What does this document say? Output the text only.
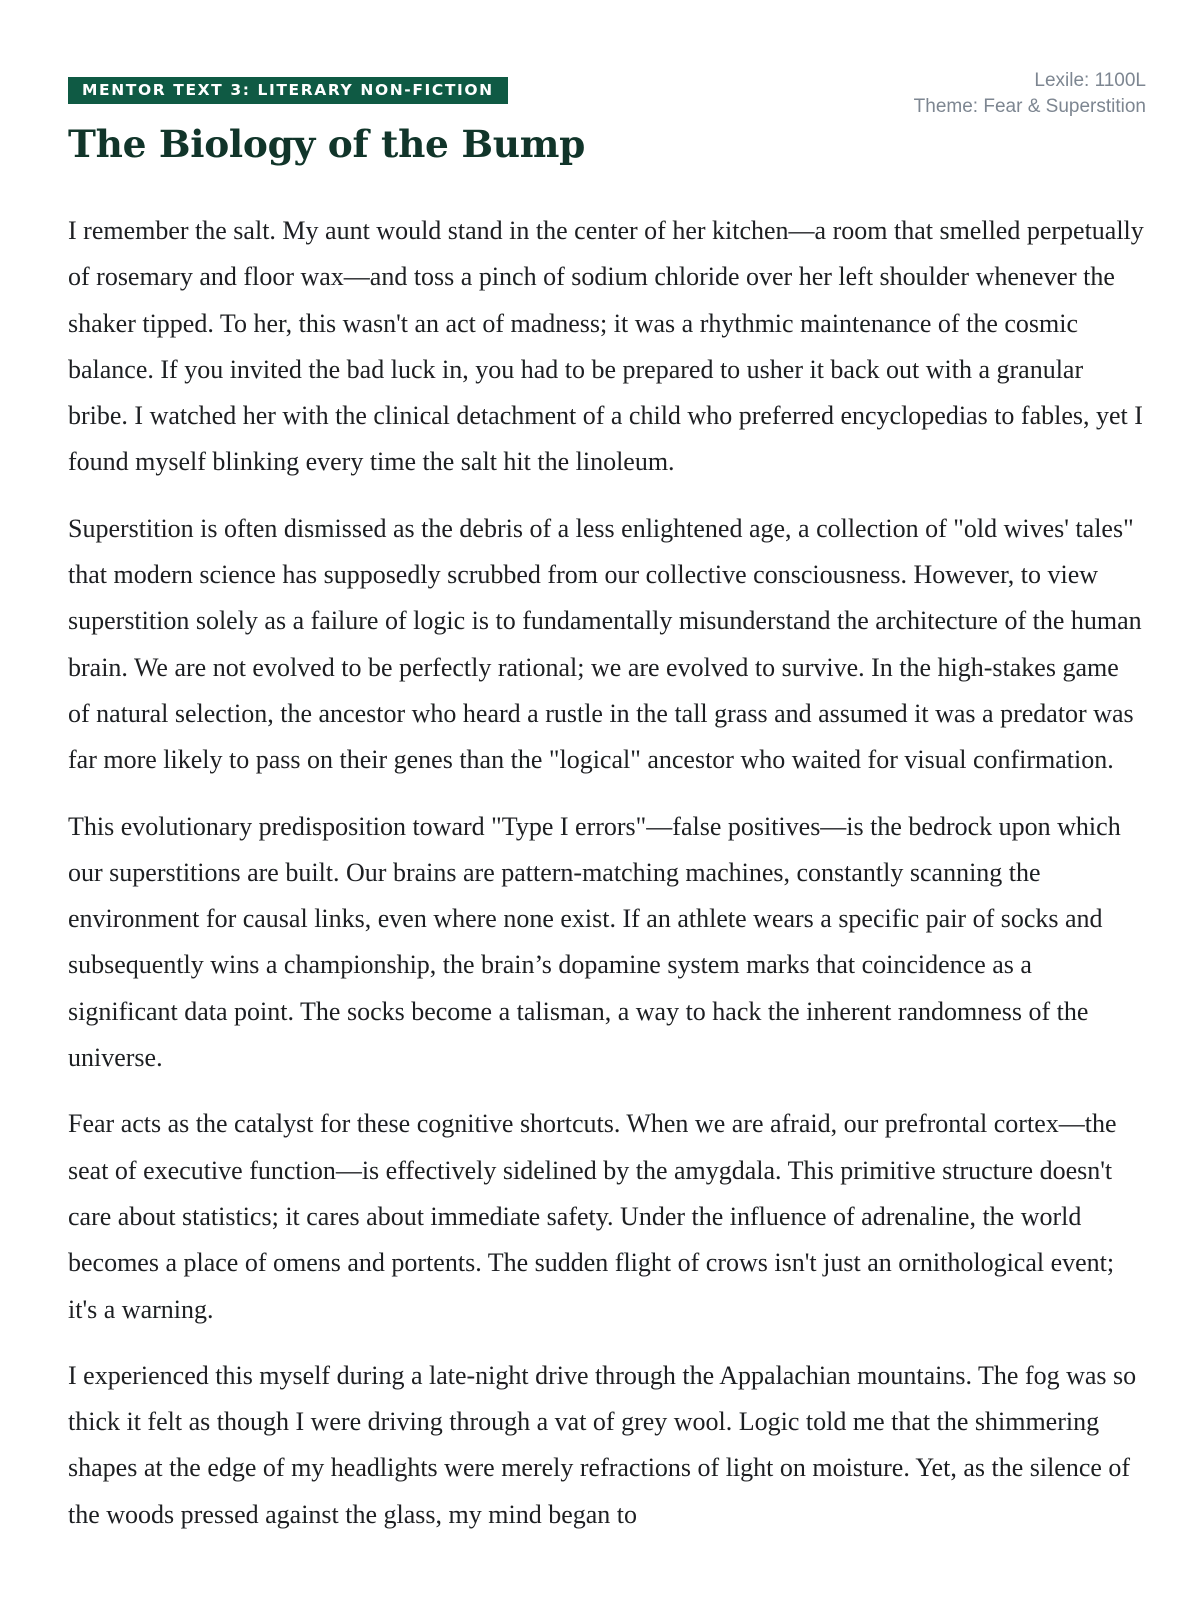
MENTOR TEXT 3: LITERARY NON-FICTION	Lexile: 1100L
Theme: Fear & Superstition
The Biology of the Bump

I remember the salt. My aunt would stand in the center of her kitchen—a room that smelled perpetually of rosemary and floor wax—and toss a pinch of sodium chloride over her left shoulder whenever the shaker tipped. To her, this wasn't an act of madness; it was a rhythmic maintenance of the cosmic balance. If you invited the bad luck in, you had to be prepared to usher it back out with a granular bribe. I watched her with the clinical detachment of a child who preferred encyclopedias to fables, yet I found myself blinking every time the salt hit the linoleum.

Superstition is often dismissed as the debris of a less enlightened age, a collection of "old wives' tales" that modern science has supposedly scrubbed from our collective consciousness. However, to view superstition solely as a failure of logic is to fundamentally misunderstand the architecture of the human brain. We are not evolved to be perfectly rational; we are evolved to survive. In the high-stakes game of natural selection, the ancestor who heard a rustle in the tall grass and assumed it was a predator was far more likely to pass on their genes than the "logical" ancestor who waited for visual confirmation.

This evolutionary predisposition toward "Type I errors"—false positives—is the bedrock upon which our superstitions are built. Our brains are pattern-matching machines, constantly scanning the environment for causal links, even where none exist. If an athlete wears a specific pair of socks and subsequently wins a championship, the brain’s dopamine system marks that coincidence as a significant data point. The socks become a talisman, a way to hack the inherent randomness of the universe.

Fear acts as the catalyst for these cognitive shortcuts. When we are afraid, our prefrontal cortex—the seat of executive function—is effectively sidelined by the amygdala. This primitive structure doesn't care about statistics; it cares about immediate safety. Under the influence of adrenaline, the world becomes a place of omens and portents. The sudden flight of crows isn't just an ornithological event; it's a warning.

I experienced this myself during a late-night drive through the Appalachian mountains. The fog was so thick it felt as though I were driving through a vat of grey wool. Logic told me that the shimmering shapes at the edge of my headlights were merely refractions of light on moisture. Yet, as the silence of the woods pressed against the glass, my mind began to
